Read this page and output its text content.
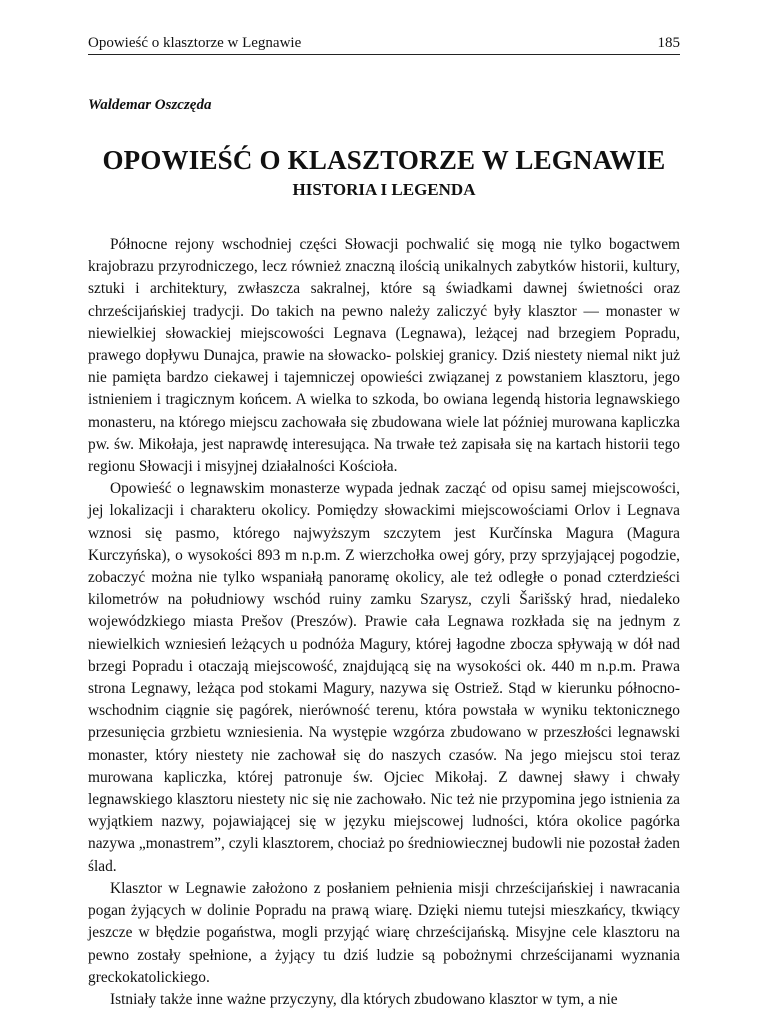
Opowieść o klasztorze w Legnawie	185
Waldemar Oszczęda
OPOWIEŚĆ O KLASZTORZE W LEGNAWIE
HISTORIA I LEGENDA

Północne rejony wschodniej części Słowacji pochwalić się mogą nie tylko bogactwem krajobrazu przyrodniczego, lecz również znaczną ilością unikalnych zabytków historii, kultury, sztuki i architektury, zwłaszcza sakralnej, które są świadkami dawnej świetności oraz chrześcijańskiej tradycji. Do takich na pewno należy zaliczyć były klasztor — monaster w niewielkiej słowackiej miejscowości Legnava (Legnawa), leżącej nad brzegiem Popradu, prawego dopływu Dunajca, prawie na słowacko- polskiej granicy. Dziś niestety niemal nikt już nie pamięta bardzo ciekawej i tajemniczej opowieści związanej z powstaniem klasztoru, jego istnieniem i tragicznym końcem. A wielka to szkoda, bo owiana legendą historia legnawskiego monasteru, na którego miejscu zachowała się zbudowana wiele lat później murowana kapliczka pw. św. Mikołaja, jest naprawdę interesująca. Na trwałe też zapisała się na kartach historii tego regionu Słowacji i misyjnej działalności Kościoła.

Opowieść o legnawskim monasterze wypada jednak zacząć od opisu samej miejscowości, jej lokalizacji i charakteru okolicy. Pomiędzy słowackimi miejscowościami Orlov i Legnava wznosi się pasmo, którego najwyższym szczytem jest Kurčínska Magura (Magura Kurczyńska), o wysokości 893 m n.p.m. Z wierzchołka owej góry, przy sprzyjającej pogodzie, zobaczyć można nie tylko wspaniałą panoramę okolicy, ale też odległe o ponad czterdzieści kilometrów na południowy wschód ruiny zamku Szarysz, czyli Šarišský hrad, niedaleko wojewódzkiego miasta Prešov (Preszów). Prawie cała Legnawa rozkłada się na jednym z niewielkich wzniesień leżących u podnóża Magury, której łagodne zbocza spływają w dół nad brzegi Popradu i otaczają miejscowość, znajdującą się na wysokości ok. 440 m n.p.m. Prawa strona Legnawy, leżąca pod stokami Magury, nazywa się Ostriež. Stąd w kierunku północno-wschodnim ciągnie się pagórek, nierówność terenu, która powstała w wyniku tektonicznego przesunięcia grzbietu wzniesienia. Na występie wzgórza zbudowano w przeszłości legnawski monaster, który niestety nie zachował się do naszych czasów. Na jego miejscu stoi teraz murowana kapliczka, której patronuje św. Ojciec Mikołaj. Z dawnej sławy i chwały legnawskiego klasztoru niestety nic się nie zachowało. Nic też nie przypomina jego istnienia za wyjątkiem nazwy, pojawiającej się w języku miejscowej ludności, która okolice pagórka nazywa „monastrem”, czyli klasztorem, chociaż po średniowiecznej budowli nie pozostał żaden ślad.

Klasztor w Legnawie założono z posłaniem pełnienia misji chrześcijańskiej i nawracania pogan żyjących w dolinie Popradu na prawą wiarę. Dzięki niemu tutejsi mieszkańcy, tkwiący jeszcze w błędzie pogaństwa, mogli przyjąć wiarę chrześcijańską. Misyjne cele klasztoru na pewno zostały spełnione, a żyjący tu dziś ludzie są pobożnymi chrześcijanami wyznania greckokatolickiego.

Istniały także inne ważne przyczyny, dla których zbudowano klasztor w tym, a nie
